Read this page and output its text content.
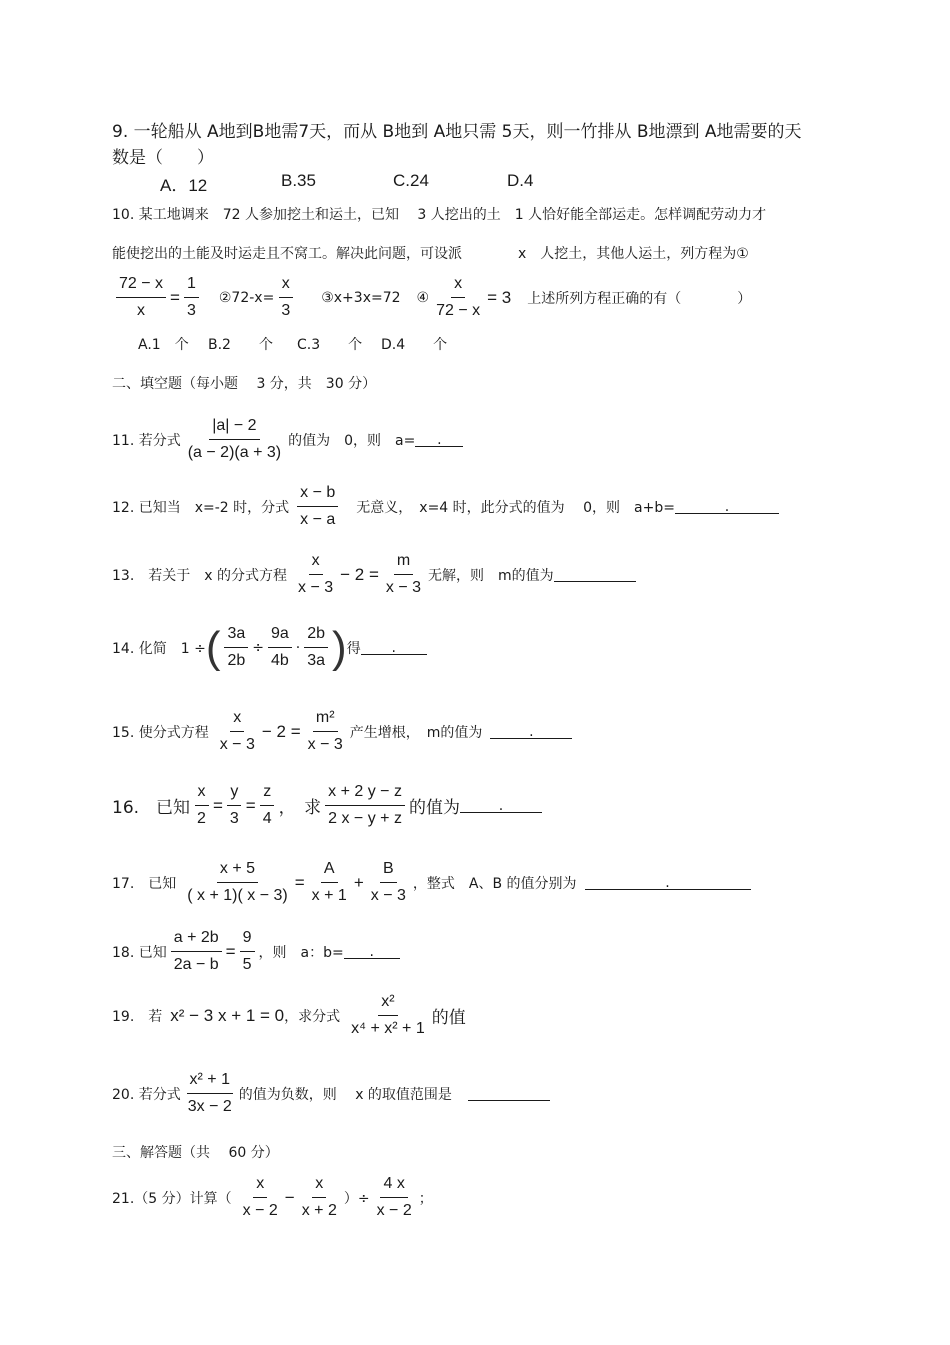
9. 一轮船从 A地到B地需7天，而从 B地到 A地只需 5天，则一竹排从 B地漂到 A地需要的天
数是（　　）
A．12	B.35	C.24	D.4
10. 某工地调来　72 人参加挖土和运土，已知　 3 人挖出的土　1 人恰好能全部运走。怎样调配劳动力才
能使挖出的土能及时运走且不窝工。解决此问题，可设派　　　　x　人挖土，其他人运土，列方程为①
$\frac{72 - x}{x} = \frac{1}{3}$ ②72-x= $\frac{x}{3}$ ③x+3x=72 ④ $\frac{x}{72 - x} = 3$ 上述所列方程正确的有（　　　　）
A.1　个 B.2　　个 C.3　　个 D.4　　个
二、填空题（每小题　 3 分，共　30 分）
11. 若分式 $\frac{|a| - 2}{(a - 2)(a + 3)}$ 的值为　0，则　a=	.
12. 已知当　x=-2 时，分式 $\frac{x - b}{x - a}$ 　无意义，　x=4 时，此分式的值为　 0，则　a+b=	.
13.　若关于　x 的分式方程 $\frac{x}{x - 3} - 2 = \frac{m}{x - 3}$ 无解，则　m的值为
14. 化简　1 ÷ ( $\frac{3a}{2b} \div \frac{9a}{4b} \cdot \frac{2b}{3a}$ ) 得	.
15. 使分式方程 $\frac{x}{x - 3} - 2 = \frac{\text{m²}}{x - 3}$ 产生增根，　m的值为	.
16.　已知 $\frac{x}{2} = \frac{y}{3} = \frac{z}{4}$ ，　求 $\frac{x + 2 y - z}{2 x - y + z}$ 的值为	.
17.　已知 $\frac{x + 5}{( x + 1)( x - 3)} = \frac{A}{x + 1} + \frac{B}{x - 3}$ ，整式　A、B 的值分别为	.
18. 已知 $\frac{a + 2b}{2a - b} = \frac{9}{5}$ ，则　a：b=	.
19.　若 x² − 3 x + 1 = 0 ，求分式 $\frac{\text{x²}}{\text{x⁴ + x² + 1}}$ 的值
20. 若分式 $\frac{\text{x² + 1}}{3x - 2}$ 的值为负数，则　 x 的取值范围是
三、解答题（共　 60 分）
21.（5 分）计算（ $\frac{x}{x - 2} - \frac{x}{x + 2}$ ）÷ $\frac{4 x}{x - 2}$ ；
